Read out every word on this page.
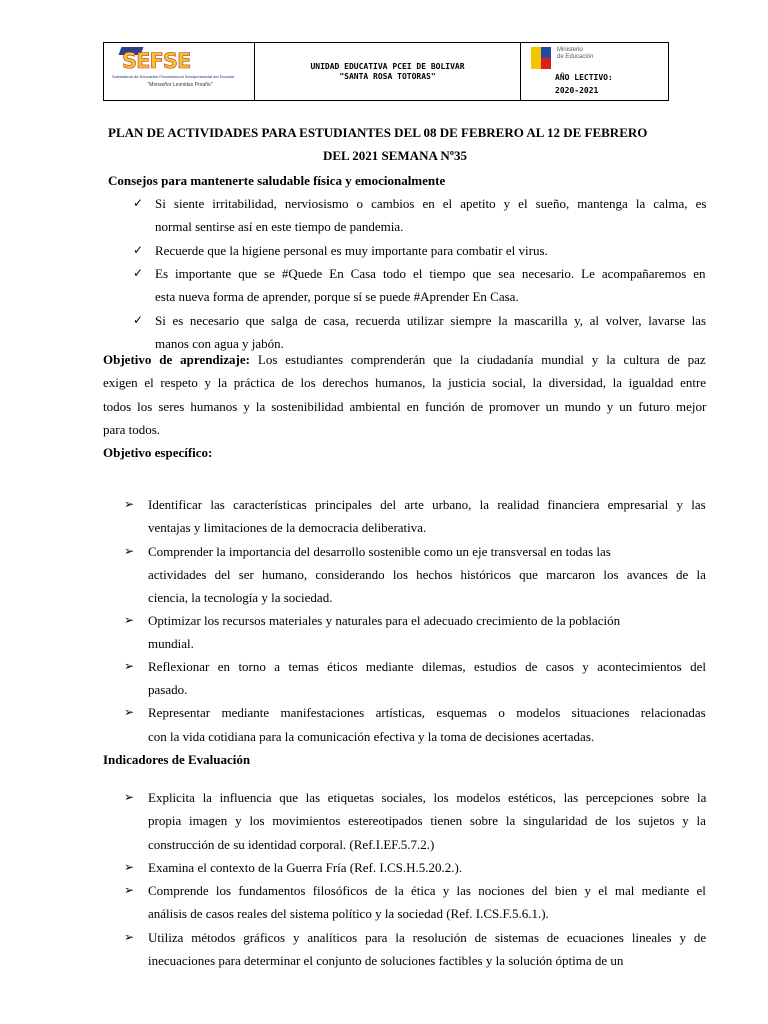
SEFSE
Subsistema de Educación Fiscomisional Semipresencial del Ecuador
"Monseñor Leonidas Proaño"
UNIDAD EDUCATIVA PCEI DE BOLIVAR
"SANTA ROSA TOTORAS"
Ministerio
de Educación
AÑO LECTIVO:
2020-2021
PLAN DE ACTIVIDADES PARA ESTUDIANTES DEL 08 DE FEBRERO AL 12 DE FEBRERO
DEL 2021 SEMANA Nº35
Consejos para mantenerte saludable física y emocionalmente
✓ Si siente irritabilidad, nerviosismo o cambios en el apetito y el sueño, mantenga la calma, es
normal sentirse así en este tiempo de pandemia.
✓ Recuerde que la higiene personal es muy importante para combatir el virus.
✓ Es importante que se #Quede En Casa todo el tiempo que sea necesario. Le acompañaremos en
esta nueva forma de aprender, porque sí se puede #Aprender En Casa.
✓ Si es necesario que salga de casa, recuerda utilizar siempre la mascarilla y, al volver, lavarse las
manos con agua y jabón.
Objetivo de aprendizaje: Los estudiantes comprenderán que la ciudadanía mundial y la cultura de paz
exigen el respeto y la práctica de los derechos humanos, la justicia social, la diversidad, la igualdad entre
todos los seres humanos y la sostenibilidad ambiental en función de promover un mundo y un futuro mejor
para todos.
Objetivo específico:
➢ Identificar las características principales del arte urbano, la realidad financiera empresarial y las
ventajas y limitaciones de la democracia deliberativa.
➢ Comprender la importancia del desarrollo sostenible como un eje transversal en todas las
actividades del ser humano, considerando los hechos históricos que marcaron los avances de la
ciencia, la tecnología y la sociedad.
➢ Optimizar los recursos materiales y naturales para el adecuado crecimiento de la población
mundial.
➢ Reflexionar en torno a temas éticos mediante dilemas, estudios de casos y acontecimientos del
pasado.
➢ Representar mediante manifestaciones artísticas, esquemas o modelos situaciones relacionadas
con la vida cotidiana para la comunicación efectiva y la toma de decisiones acertadas.
Indicadores de Evaluación
➢ Explicita la influencia que las etiquetas sociales, los modelos estéticos, las percepciones sobre la
propia imagen y los movimientos estereotipados tienen sobre la singularidad de los sujetos y la
construcción de su identidad corporal. (Ref.I.EF.5.7.2.)
➢ Examina el contexto de la Guerra Fría (Ref. I.CS.H.5.20.2.).
➢ Comprende los fundamentos filosóficos de la ética y las nociones del bien y el mal mediante el
análisis de casos reales del sistema político y la sociedad (Ref. I.CS.F.5.6.1.).
➢ Utiliza métodos gráficos y analíticos para la resolución de sistemas de ecuaciones lineales y de
inecuaciones para determinar el conjunto de soluciones factibles y la solución óptima de un
